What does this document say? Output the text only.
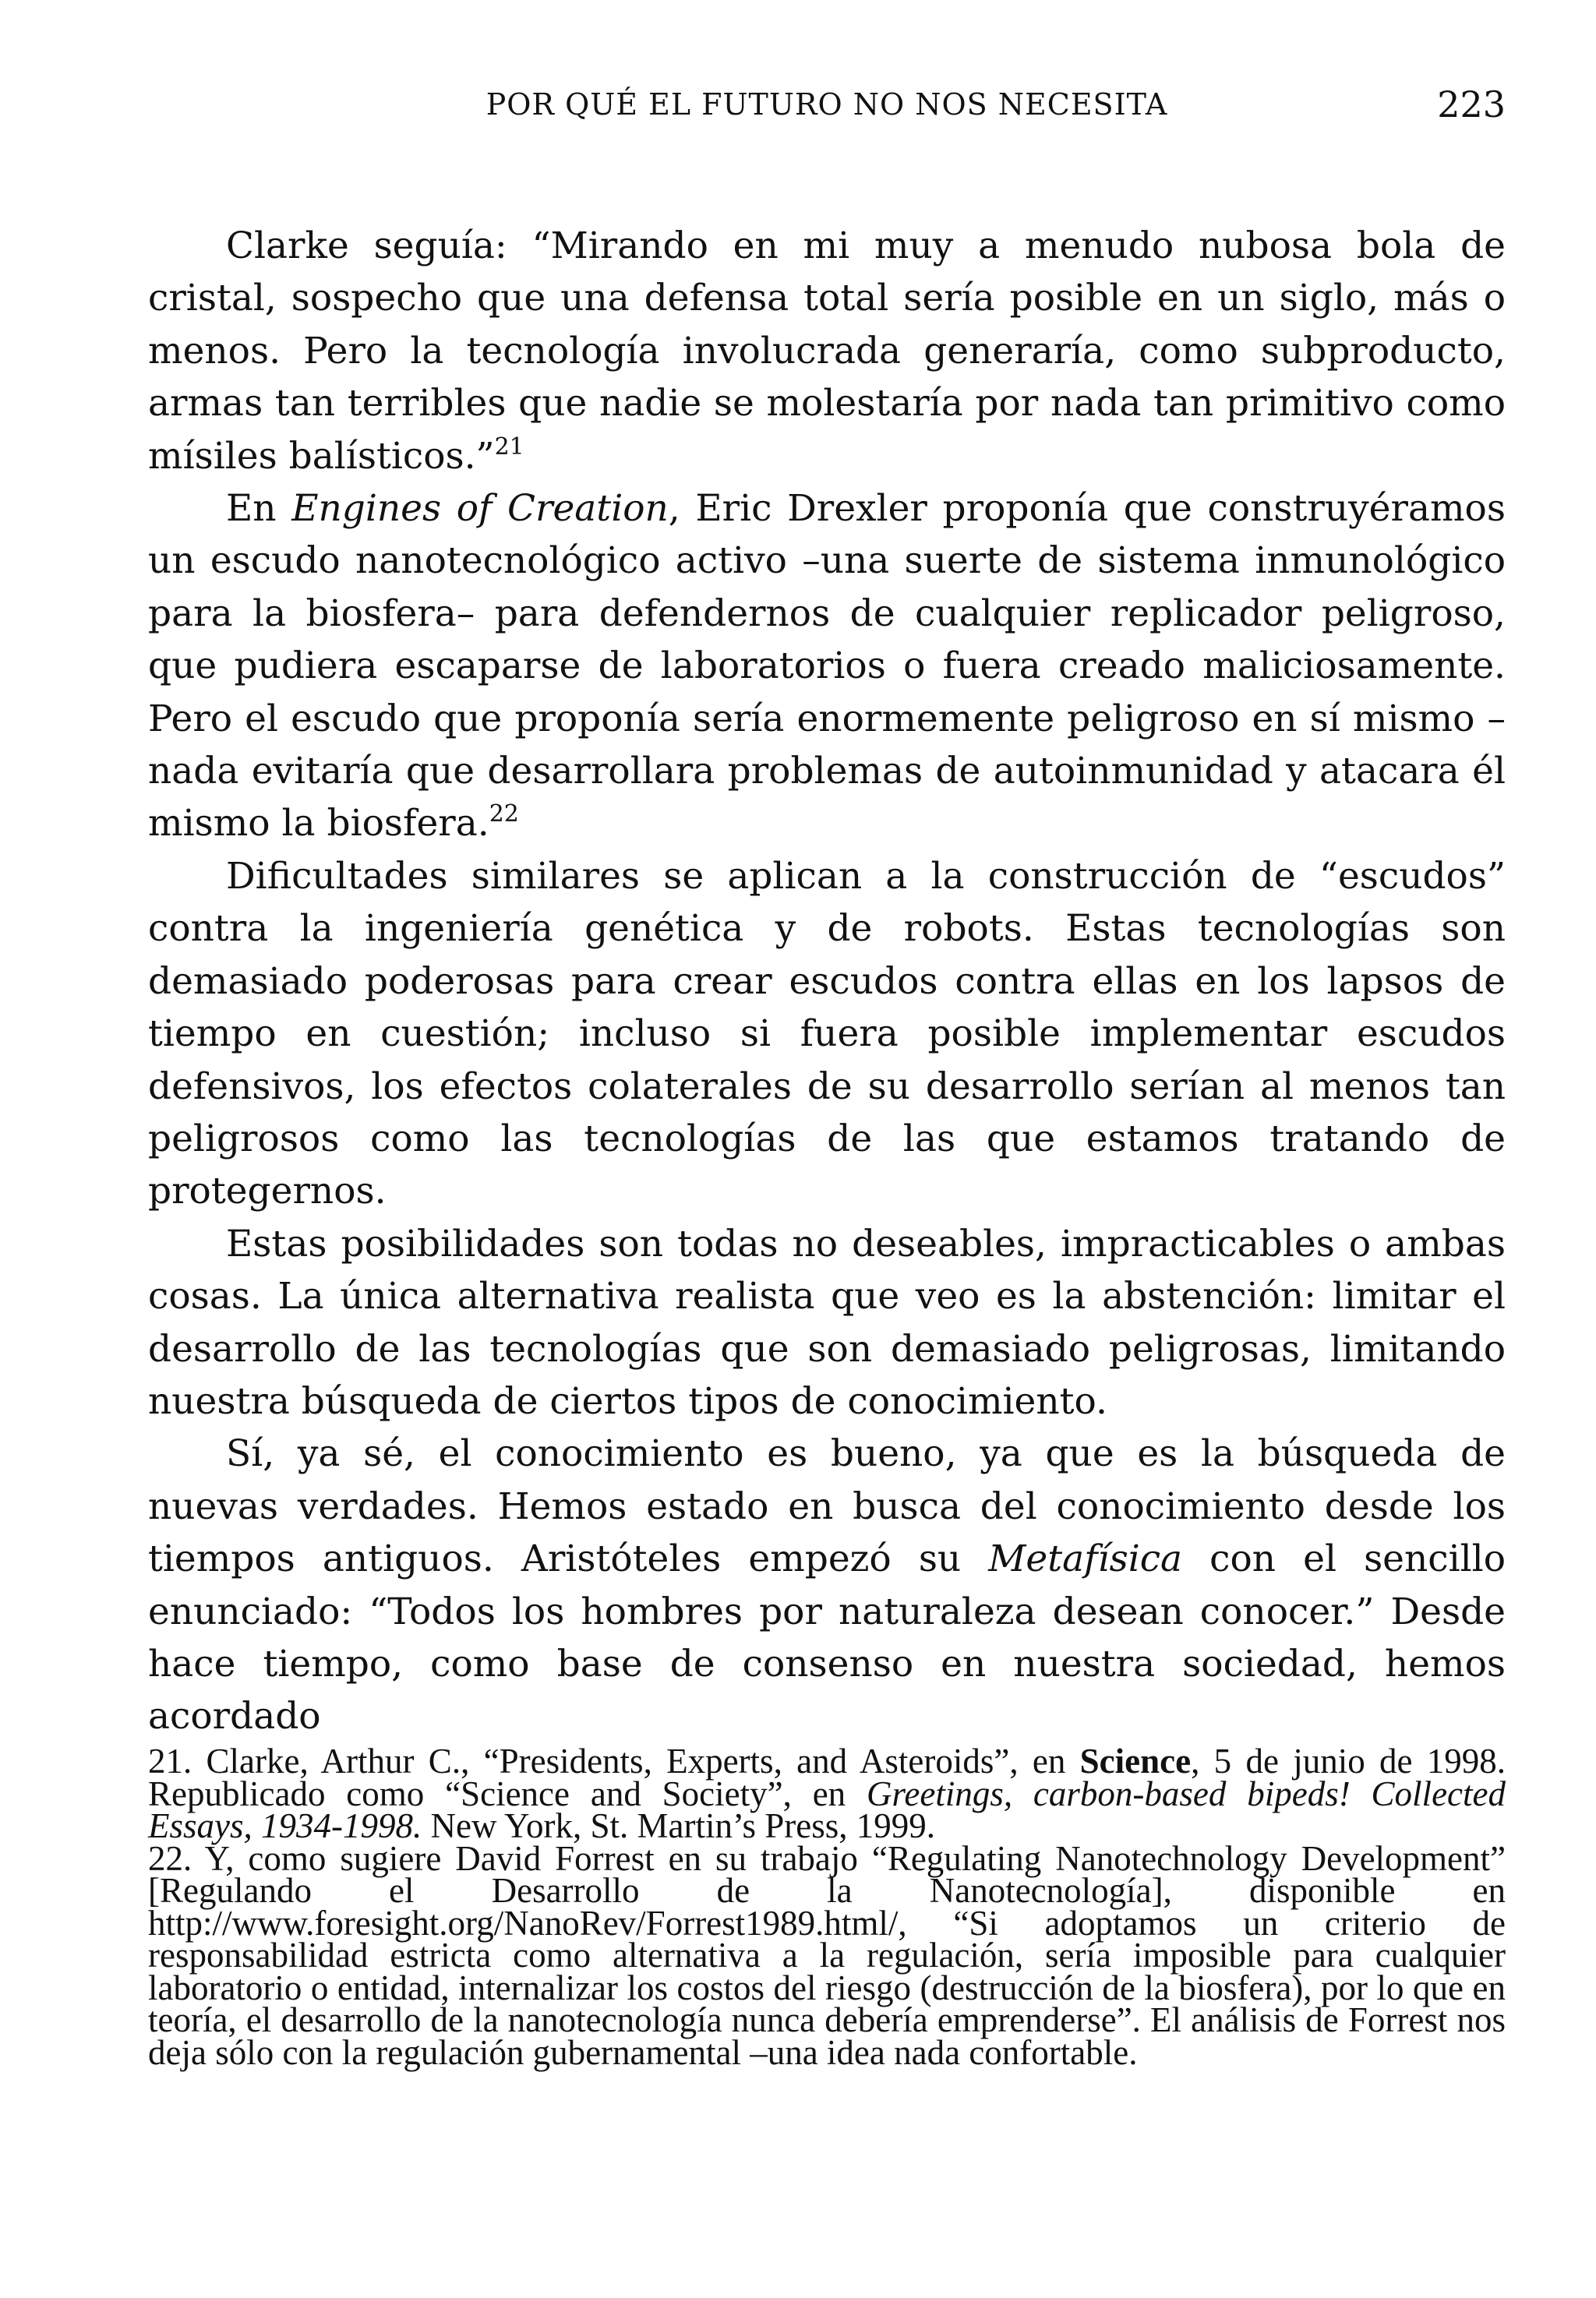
POR QUÉ EL FUTURO NO NOS NECESITA	223

Clarke seguía: “Mirando en mi muy a menudo nubosa bola de cristal, sospecho que una defensa total sería posible en un siglo, más o menos. Pero la tecnología involucrada generaría, como subproducto, armas tan terribles que nadie se molestaría por nada tan primitivo como mísiles balísticos.”$^{21}$

En Engines of Creation, Eric Drexler proponía que construyéramos un escudo nanotecnológico activo –una suerte de sistema inmunológico para la biosfera– para defendernos de cualquier replicador peligroso, que pudiera escaparse de laboratorios o fuera creado maliciosamente. Pero el escudo que proponía sería enormemente peligroso en sí mismo –nada evitaría que desarrollara problemas de autoinmunidad y atacara él mismo la biosfera.$^{22}$

Dificultades similares se aplican a la construcción de “escudos” contra la ingeniería genética y de robots. Estas tecnologías son demasiado poderosas para crear escudos contra ellas en los lapsos de tiempo en cuestión; incluso si fuera posible implementar escudos defensivos, los efectos colaterales de su desarrollo serían al menos tan peligrosos como las tecnologías de las que estamos tratando de protegernos.

Estas posibilidades son todas no deseables, impracticables o ambas cosas. La única alternativa realista que veo es la abstención: limitar el desarrollo de las tecnologías que son demasiado peligrosas, limitando nuestra búsqueda de ciertos tipos de conocimiento.

Sí, ya sé, el conocimiento es bueno, ya que es la búsqueda de nuevas verdades. Hemos estado en busca del conocimiento desde los tiempos antiguos. Aristóteles empezó su Metafísica con el sencillo enunciado: “Todos los hombres por naturaleza desean conocer.” Desde hace tiempo, como base de consenso en nuestra sociedad, hemos acordado

21. Clarke, Arthur C., “Presidents, Experts, and Asteroids”, en Science, 5 de junio de 1998. Republicado como “Science and Society”, en Greetings, carbon-based bipeds! Collected Essays, 1934-1998. New York, St. Martin’s Press, 1999.

22. Y, como sugiere David Forrest en su trabajo “Regulating Nanotechnology Development” [Regulando el Desarrollo de la Nanotecnología], disponible en http://www.foresight.org/NanoRev/Forrest1989.html/, “Si adoptamos un criterio de responsabilidad estricta como alternativa a la regulación, sería imposible para cualquier laboratorio o entidad, internalizar los costos del riesgo (destrucción de la biosfera), por lo que en teoría, el desarrollo de la nanotecnología nunca debería emprenderse”. El análisis de Forrest nos deja sólo con la regulación gubernamental –una idea nada confortable.
